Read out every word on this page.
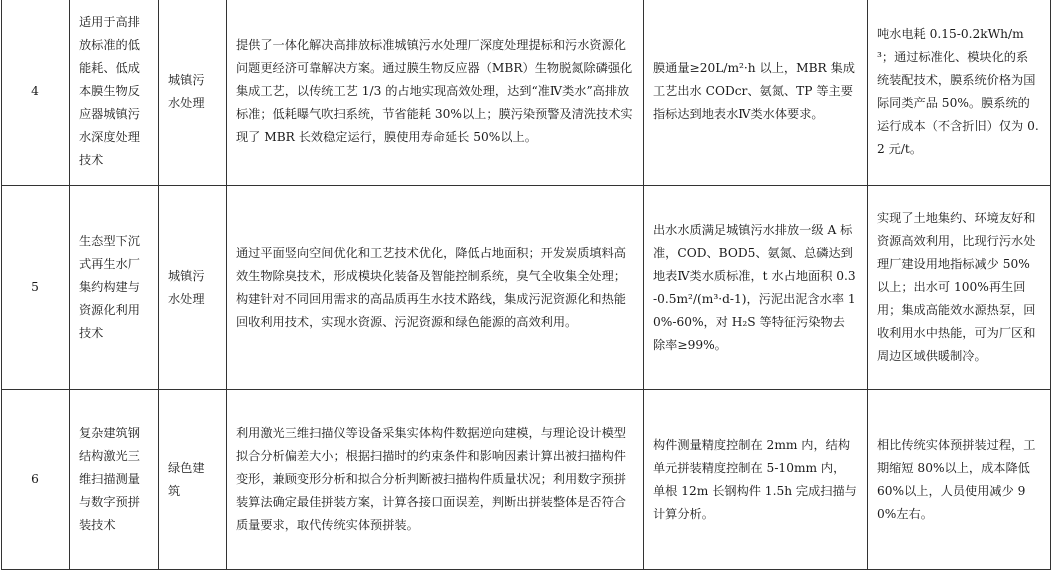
4	适用于高排放标准的低能耗、低成本膜生物反应器城镇污水深度处理技术	城镇污水处理	提供了一体化解决高排放标准城镇污水处理厂深度处理提标和污水资源化问题更经济可靠解决方案。通过膜生物反应器（MBR）生物脱氮除磷强化集成工艺，以传统工艺 1/3 的占地实现高效处理，达到“准Ⅳ类水”高排放标准；低耗曝气吹扫系统，节省能耗 30%以上；膜污染预警及清洗技术实现了 MBR 长效稳定运行，膜使用寿命延长 50%以上。	膜通量≥20L/m²·h 以上，MBR 集成工艺出水 CODcr、氨氮、TP 等主要指标达到地表水Ⅳ类水体要求。	吨水电耗 0.15-0.2kWh/m³；通过标准化、模块化的系统装配技术，膜系统价格为国际同类产品 50%。膜系统的运行成本（不含折旧）仅为 0.2 元/t。
5	生态型下沉式再生水厂集约构建与资源化利用技术	城镇污水处理	通过平面竖向空间优化和工艺技术优化，降低占地面积；开发炭质填料高效生物除臭技术，形成模块化装备及智能控制系统，臭气全收集全处理；构建针对不同回用需求的高品质再生水技术路线，集成污泥资源化和热能回收利用技术，实现水资源、污泥资源和绿色能源的高效利用。	出水水质满足城镇污水排放一级 A 标准，COD、BOD5、氨氮、总磷达到地表Ⅳ类水质标准，t 水占地面积 0.3-0.5m²/(m³·d-1)，污泥出泥含水率 10%-60%，对 H₂S 等特征污染物去除率≥99%。	实现了土地集约、环境友好和资源高效利用，比现行污水处理厂建设用地指标减少 50%以上；出水可 100%再生回用；集成高能效水源热泵，回收利用水中热能，可为厂区和周边区域供暖制冷。
6	复杂建筑钢结构激光三维扫描测量与数字预拼装技术	绿色建筑	利用激光三维扫描仪等设备采集实体构件数据逆向建模，与理论设计模型拟合分析偏差大小；根据扫描时的约束条件和影响因素计算出被扫描构件变形，兼顾变形分析和拟合分析判断被扫描构件质量状况；利用数字预拼装算法确定最佳拼装方案，计算各接口面误差，判断出拼装整体是否符合质量要求，取代传统实体预拼装。	构件测量精度控制在 2mm 内，结构单元拼装精度控制在 5-10mm 内，单根 12m 长钢构件 1.5h 完成扫描与计算分析。	相比传统实体预拼装过程，工期缩短 80%以上，成本降低 60%以上，人员使用减少 90%左右。
